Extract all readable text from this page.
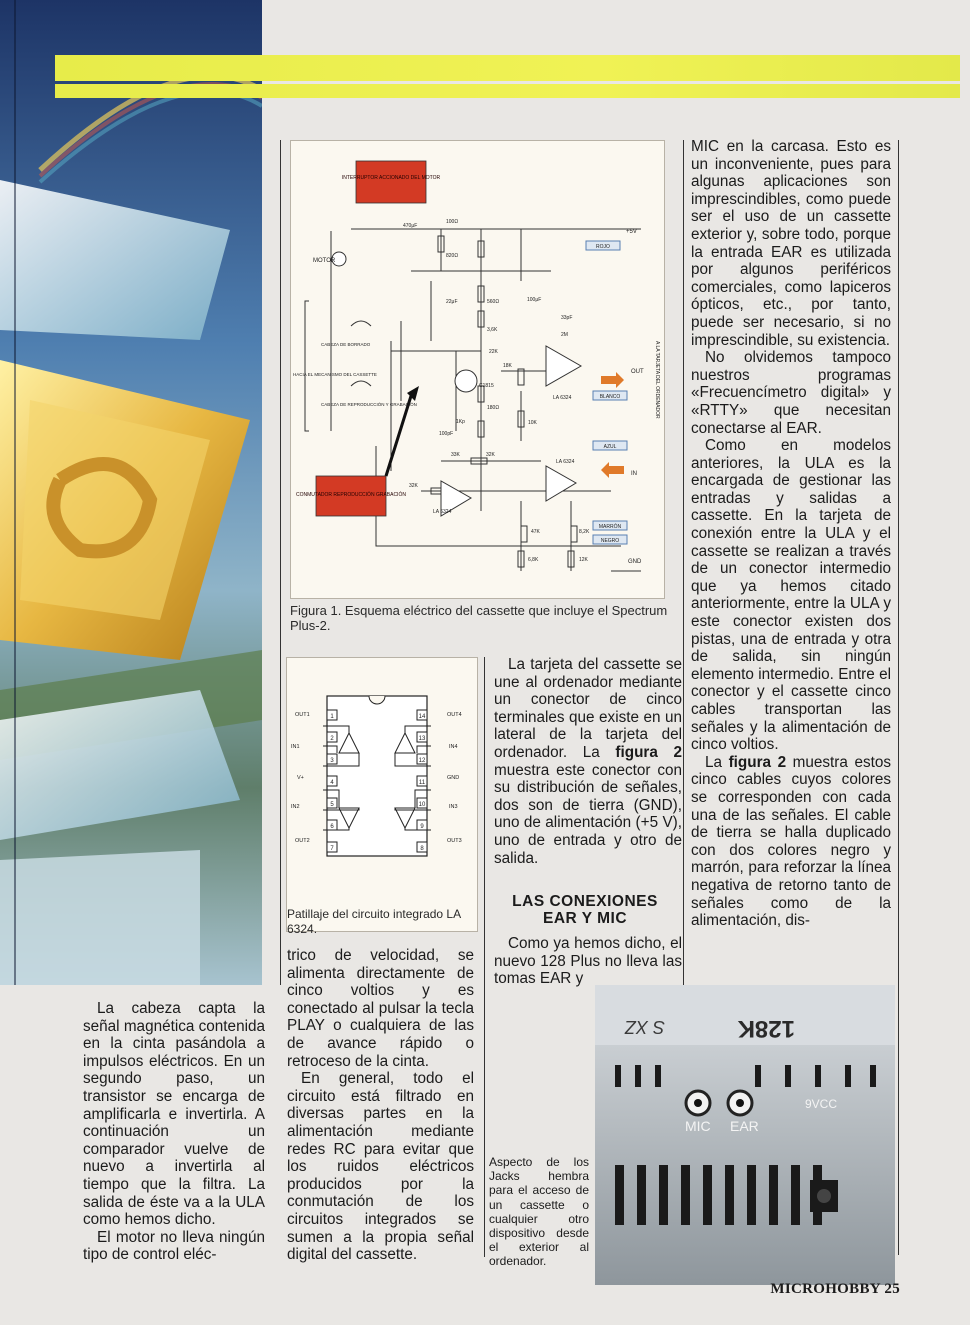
INTERRUPTOR ACCIONADO DEL MOTOR
CONMUTADOR REPRODUCCIÓN GRABACIÓN
ROJO
BLANCO
AZUL
MARRÓN
NEGRO
+5V
OUT
IN
GND
MOTOR
CABEZA DE BORRADO
CABEZA DE REPRODUCCIÓN Y GRABACIÓN
HACIA EL MECANISMO DEL CASSETTE	A LA TARJETA DEL ORDENADOR
LA 6324
LA 6324
LA 6324
470μF
100Ω
820Ω
560Ω
3,6K
22μF	100μF
33pF
2M
18K
10K
33K	32K
47K	8,2K
12K
6,8K
22K
1Kp
C1815
100pF
180Ω
32K
Figura 1. Esquema eléctrico del cassette que incluye el Spectrum Plus-2.
1
2
3
4
5
6
7
14
13
12
11
10
9
8
OUT1
IN1
V+
IN2
OUT2
OUT4
IN4
GND
IN3
OUT3
Patillaje del circuito integrado LA 6324.

La cabeza capta la señal magnética contenida en la cinta pasándola a impulsos eléctricos. En un segundo paso, un transistor se encarga de amplificarla e invertirla. A continuación un comparador vuelve de nuevo a invertirla al tiempo que la filtra. La salida de éste va a la ULA como hemos dicho.

El motor no lleva ningún tipo de control eléc-

trico de velocidad, se alimenta directamente de cinco voltios y es conectado al pulsar la tecla PLAY o cualquiera de las de avance rápido o retroceso de la cinta.

En general, todo el circuito está filtrado en diversas partes en la alimentación mediante redes RC para evitar que los ruidos eléctricos producidos por la conmutación de los circuitos integrados se sumen a la propia señal digital del cassette.

La tarjeta del cassette se une al ordenador mediante un conector de cinco terminales que existe en un lateral de la tarjeta del ordenador. La figura 2 muestra este conector con su distribución de señales, dos son de tierra (GND), uno de alimentación (+5 V), uno de entrada y otro de salida.

LAS CONEXIONES EAR Y MIC

Como ya hemos dicho, el nuevo 128 Plus no lleva las tomas EAR y

MIC en la carcasa. Esto es un inconveniente, pues para algunas aplicaciones son imprescindibles, como puede ser el uso de un cassette exterior y, sobre todo, porque la entrada EAR es utilizada por algunos periféricos comerciales, como lapiceros ópticos, etc., por tanto, puede ser necesario, si no imprescindible, su existencia.

No olvidemos tampoco nuestros programas «Frecuencímetro digital» y «RTTY» que necesitan conectarse al EAR.

Como en modelos anteriores, la ULA es la encargada de gestionar las entradas y salidas a cassette. En la tarjeta de conexión entre la ULA y el cassette se realizan a través de un conector intermedio que ya hemos citado anteriormente, entre la ULA y este conector existen dos pistas, una de entrada y otra de salida, sin ningún elemento intermedio. Entre el conector y el cassette cinco cables transportan las señales y la alimentación de cinco voltios.

La figura 2 muestra estos cinco cables cuyos colores se corresponden con cada una de las señales. El cable de tierra se halla duplicado con dos colores negro y marrón, para reforzar la línea negativa de retorno tanto de señales como de la alimentación, dis-

128K
S XZ
MIC EAR
9VCC
Aspecto de los Jacks hembra para el acceso de un cassette o cualquier otro dispositivo desde el exterior al ordenador.
MICROHOBBY 25
